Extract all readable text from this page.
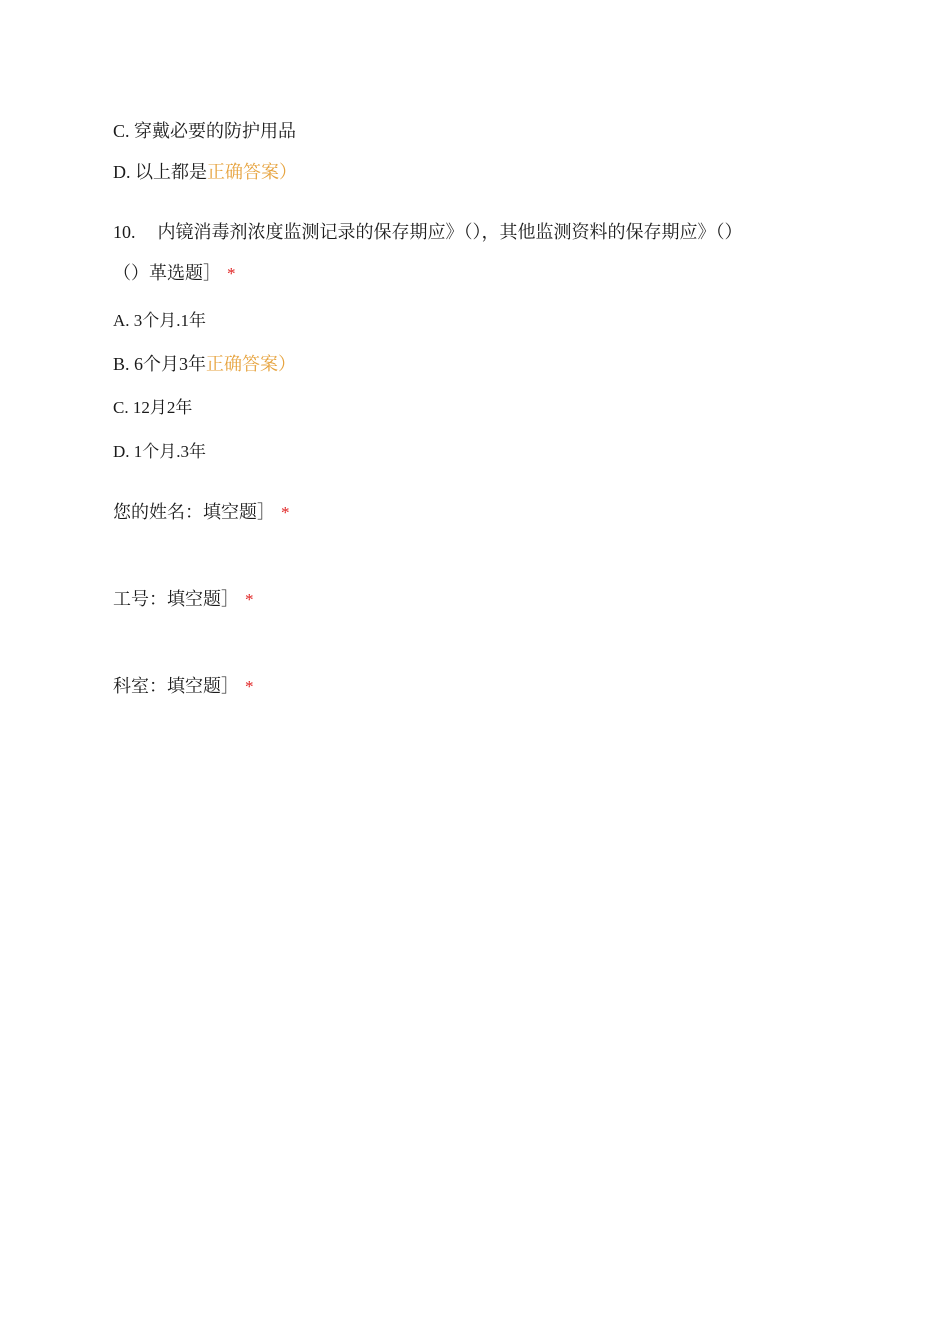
C. 穿戴必要的防护用品
D. 以上都是正确答案）
10. 内镜消毒剂浓度监测记录的保存期应》（），其他监测资料的保存期应》（）
（）革选题］ *
A. 3个月.1年
B. 6个月3年正确答案）
C. 12月2年
D. 1个月.3年
您的姓名：填空题］ *
工号：填空题］ *
科室：填空题］ *
